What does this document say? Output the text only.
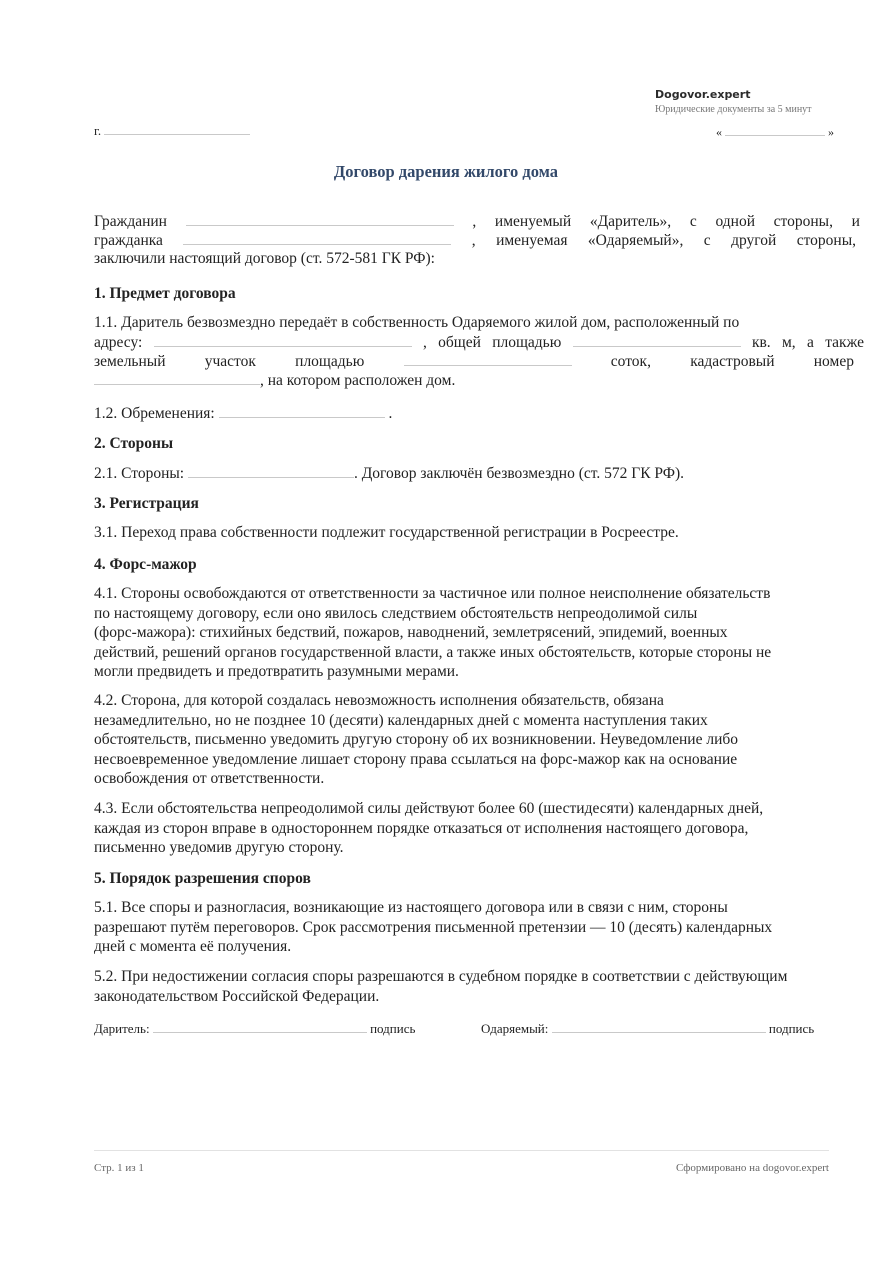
Dogovor.expert
Юридические документы за 5 минут
г.	«	»
Договор дарения жилого дома
Гражданин	, именуемый «Даритель», с одной стороны, и
гражданка	, именуемая «Одаряемый», с другой стороны,
заключили настоящий договор (ст. 572-581 ГК РФ):
1. Предмет договора
1.1. Даритель безвозмездно передаёт в собственность Одаряемого жилой дом, расположенный по
адресу:	, общей площадью	кв. м, а также
земельный	участок	площадью	соток,	кадастровый	номер
, на котором расположен дом.
1.2. Обременения:	.
2. Стороны
2.1. Стороны:	. Договор заключён безвозмездно (ст. 572 ГК РФ).
3. Регистрация
3.1. Переход права собственности подлежит государственной регистрации в Росреестре.
4. Форс-мажор
4.1. Стороны освобождаются от ответственности за частичное или полное неисполнение обязательств
по настоящему договору, если оно явилось следствием обстоятельств непреодолимой силы
(форс-мажора): стихийных бедствий, пожаров, наводнений, землетрясений, эпидемий, военных
действий, решений органов государственной власти, а также иных обстоятельств, которые стороны не
могли предвидеть и предотвратить разумными мерами.
4.2. Сторона, для которой создалась невозможность исполнения обязательств, обязана
незамедлительно, но не позднее 10 (десяти) календарных дней с момента наступления таких
обстоятельств, письменно уведомить другую сторону об их возникновении. Неуведомление либо
несвоевременное уведомление лишает сторону права ссылаться на форс-мажор как на основание
освобождения от ответственности.
4.3. Если обстоятельства непреодолимой силы действуют более 60 (шестидесяти) календарных дней,
каждая из сторон вправе в одностороннем порядке отказаться от исполнения настоящего договора,
письменно уведомив другую сторону.
5. Порядок разрешения споров
5.1. Все споры и разногласия, возникающие из настоящего договора или в связи с ним, стороны
разрешают путём переговоров. Срок рассмотрения письменной претензии — 10 (десять) календарных
дней с момента её получения.
5.2. При недостижении согласия споры разрешаются в судебном порядке в соответствии с действующим
законодательством Российской Федерации.
Даритель:	подпись	Одаряемый:	подпись
Стр. 1 из 1	Сформировано на dogovor.expert
